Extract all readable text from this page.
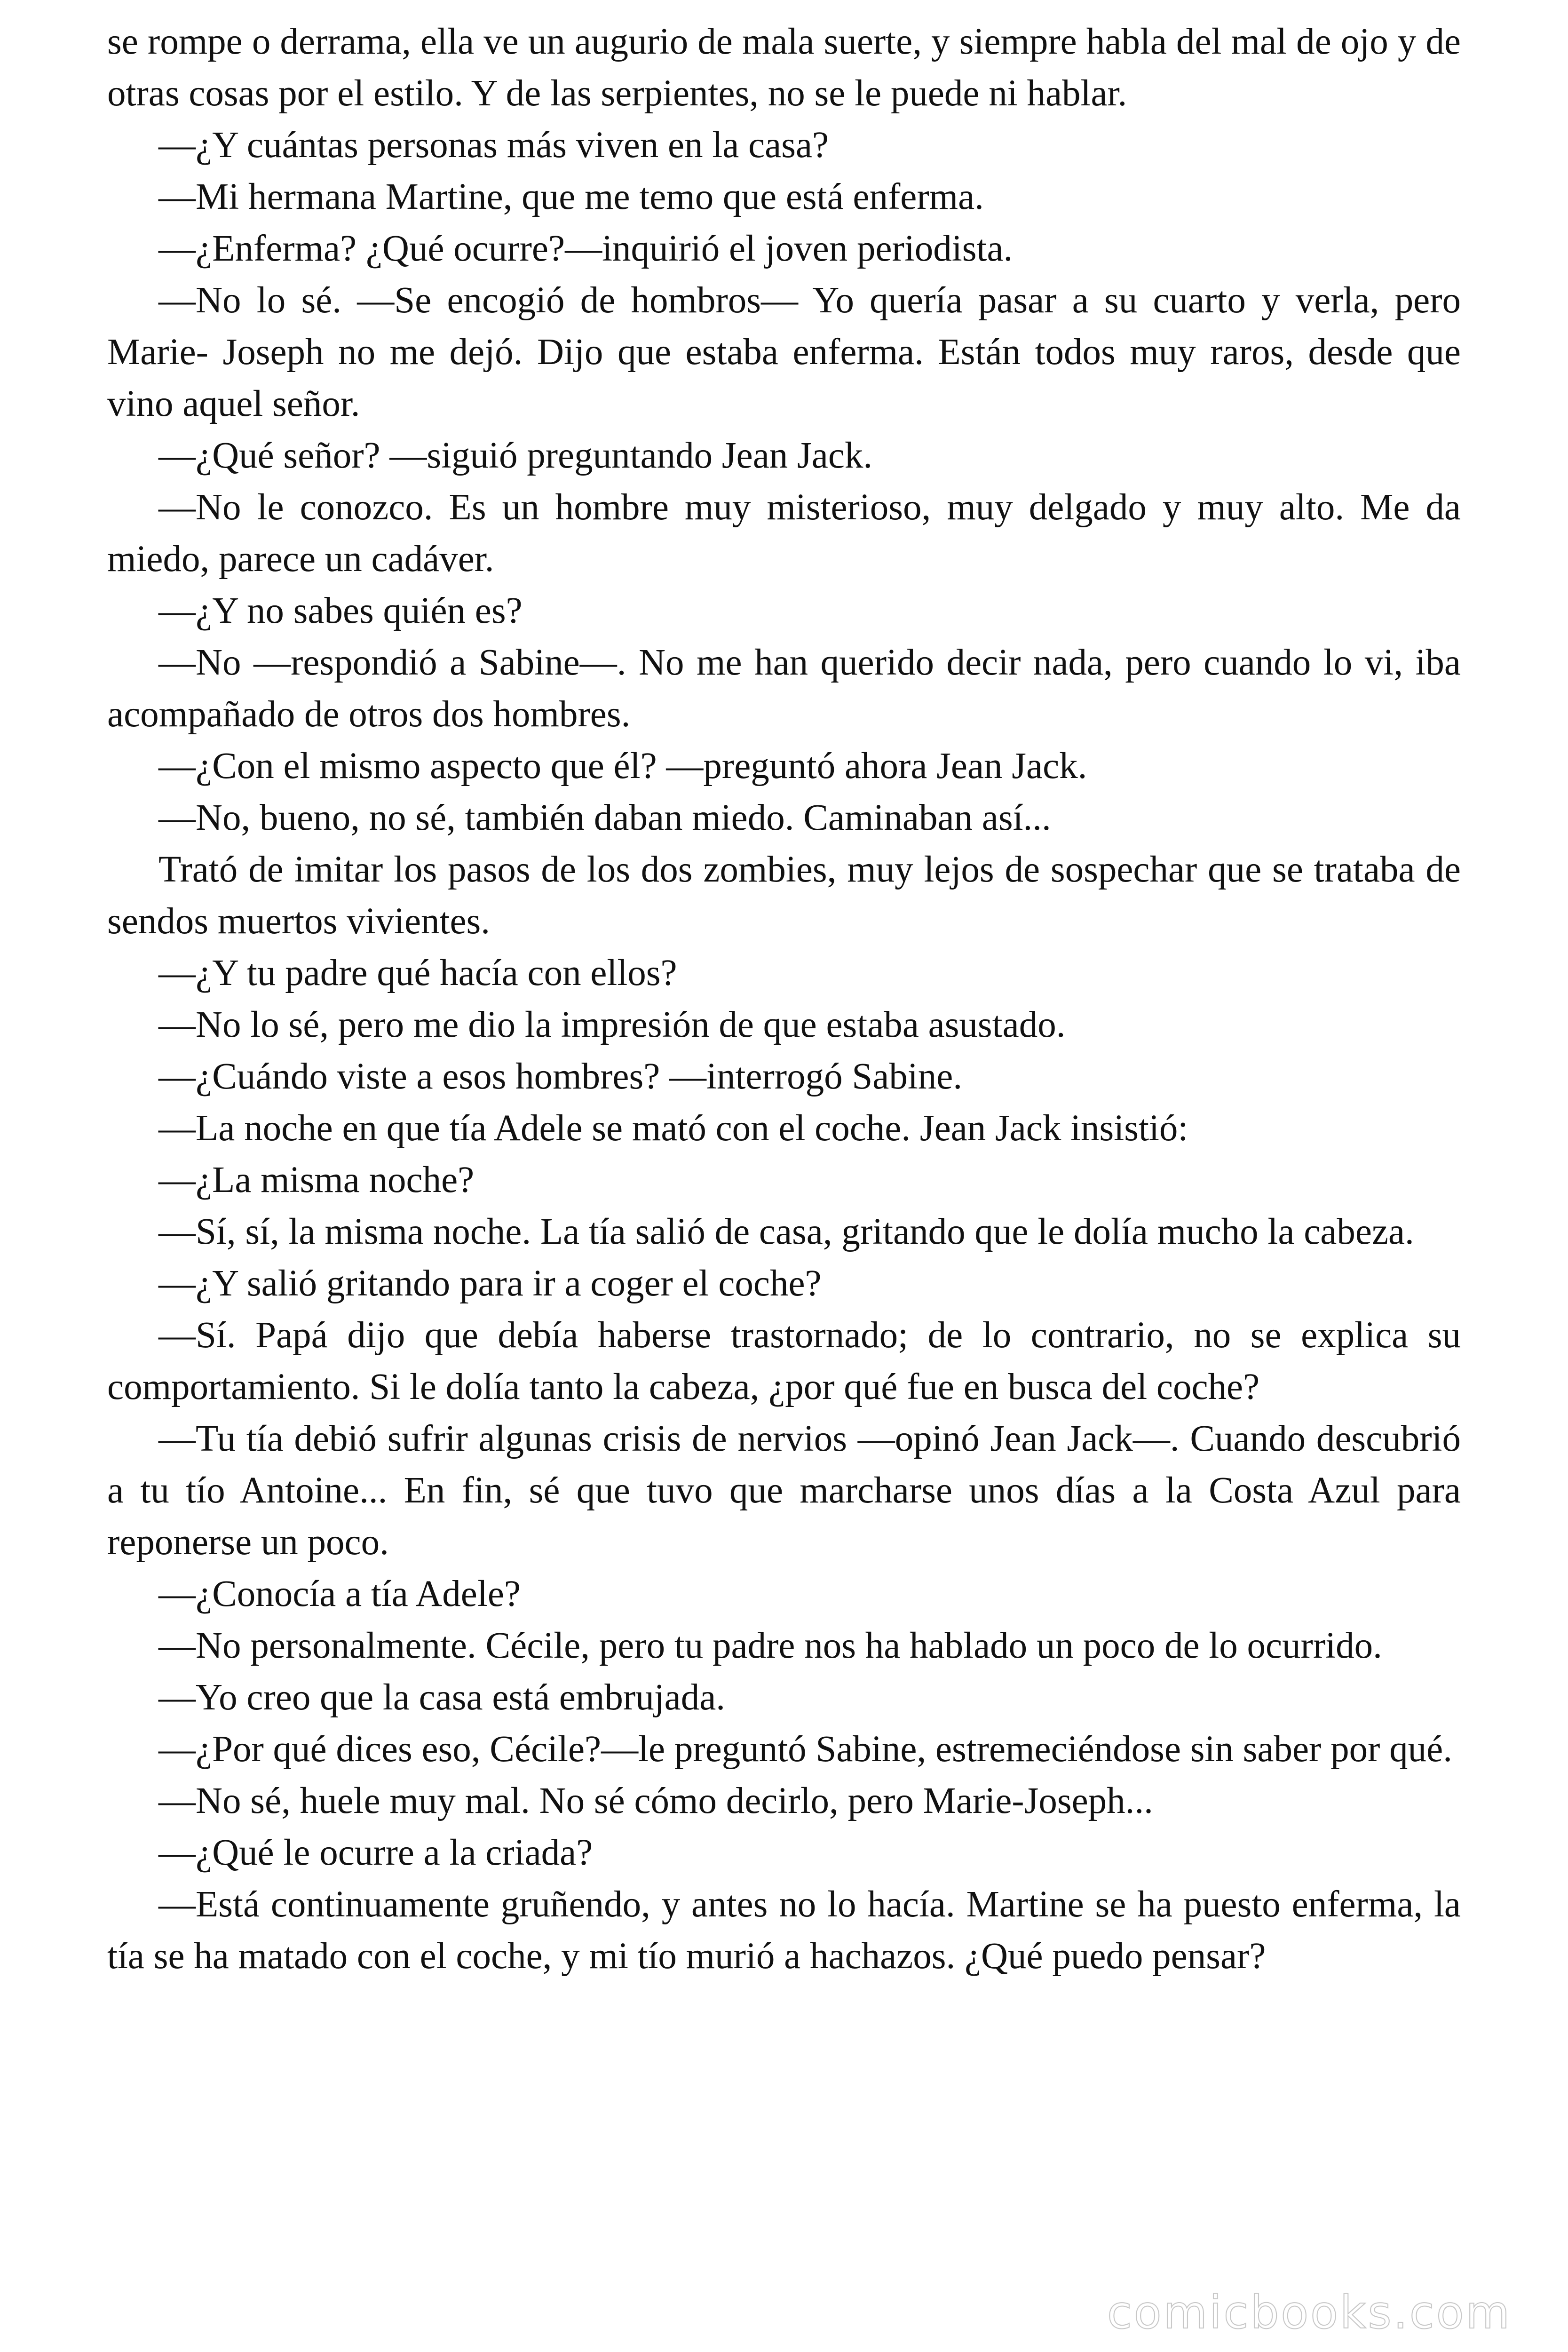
se rompe o derrama, ella ve un augurio de mala suerte, y siempre habla del mal de ojo y de otras cosas por el estilo. Y de las serpientes, no se le puede ni hablar.

—¿Y cuántas personas más viven en la casa?

—Mi hermana Martine, que me temo que está enferma.

—¿Enferma? ¿Qué ocurre?—inquirió el joven periodista.

—No lo sé. —Se encogió de hombros— Yo quería pasar a su cuarto y verla, pero Marie- Joseph no me dejó. Dijo que estaba enferma. Están todos muy raros, desde que vino aquel señor.

—¿Qué señor? —siguió preguntando Jean Jack.

—No le conozco. Es un hombre muy misterioso, muy delgado y muy alto. Me da miedo, parece un cadáver.

—¿Y no sabes quién es?

—No —respondió a Sabine—. No me han querido decir nada, pero cuando lo vi, iba acompañado de otros dos hombres.

—¿Con el mismo aspecto que él? —preguntó ahora Jean Jack.

—No, bueno, no sé, también daban miedo. Caminaban así...

Trató de imitar los pasos de los dos zombies, muy lejos de sospechar que se trataba de sendos muertos vivientes.

—¿Y tu padre qué hacía con ellos?

—No lo sé, pero me dio la impresión de que estaba asustado.

—¿Cuándo viste a esos hombres? —interrogó Sabine.

—La noche en que tía Adele se mató con el coche. Jean Jack insistió:

—¿La misma noche?

—Sí, sí, la misma noche. La tía salió de casa, gritando que le dolía mucho la cabeza.

—¿Y salió gritando para ir a coger el coche?

—Sí. Papá dijo que debía haberse trastornado; de lo contrario, no se explica su comportamiento. Si le dolía tanto la cabeza, ¿por qué fue en busca del coche?

—Tu tía debió sufrir algunas crisis de nervios —opinó Jean Jack—. Cuando descubrió a tu tío Antoine... En fin, sé que tuvo que marcharse unos días a la Costa Azul para reponerse un poco.

—¿Conocía a tía Adele?

—No personalmente. Cécile, pero tu padre nos ha hablado un poco de lo ocurrido.

—Yo creo que la casa está embrujada.

—¿Por qué dices eso, Cécile?—le preguntó Sabine, estremeciéndose sin saber por qué.

—No sé, huele muy mal. No sé cómo decirlo, pero Marie-Joseph...

—¿Qué le ocurre a la criada?

—Está continuamente gruñendo, y antes no lo hacía. Martine se ha puesto enferma, la tía se ha matado con el coche, y mi tío murió a hachazos. ¿Qué puedo pensar?

comicbooks.com
